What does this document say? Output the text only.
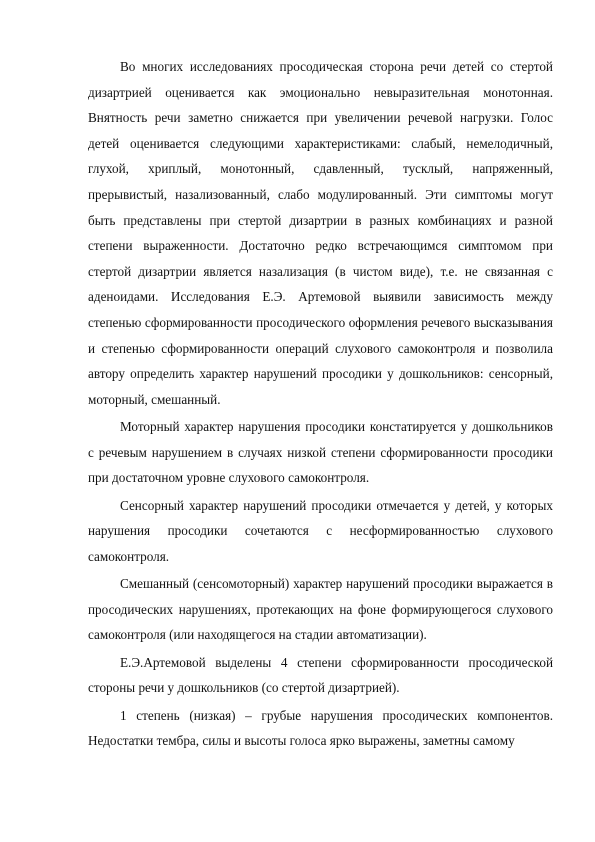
Во многих исследованиях просодическая сторона речи детей со стертой дизартрией оценивается как эмоционально невыразительная монотонная. Внятность речи заметно снижается при увеличении речевой нагрузки. Голос детей оценивается следующими характеристиками: слабый, немелодичный, глухой, хриплый, монотонный, сдавленный, тусклый, напряженный, прерывистый, назализованный, слабо модулированный. Эти симптомы могут быть представлены при стертой дизартрии в разных комбинациях и разной степени выраженности. Достаточно редко встречающимся симптомом при стертой дизартрии является назализация (в чистом виде), т.е. не связанная с аденоидами. Исследования Е.Э. Артемовой выявили зависимость между степенью сформированности просодического оформления речевого высказывания и степенью сформированности операций слухового самоконтроля и позволила автору определить характер нарушений просодики у дошкольников: сенсорный, моторный, смешанный.

Моторный характер нарушения просодики констатируется у дошкольников с речевым нарушением в случаях низкой степени сформированности просодики при достаточном уровне слухового самоконтроля.

Сенсорный характер нарушений просодики отмечается у детей, у которых нарушения просодики сочетаются с несформированностью слухового самоконтроля.

Смешанный (сенсомоторный) характер нарушений просодики выражается в просодических нарушениях, протекающих на фоне формирующегося слухового самоконтроля (или находящегося на стадии автоматизации).

Е.Э.Артемовой выделены 4 степени сформированности просодической стороны речи у дошкольников (со стертой дизартрией).

1 степень (низкая) – грубые нарушения просодических компонентов. Недостатки тембра, силы и высоты голоса ярко выражены, заметны самому
